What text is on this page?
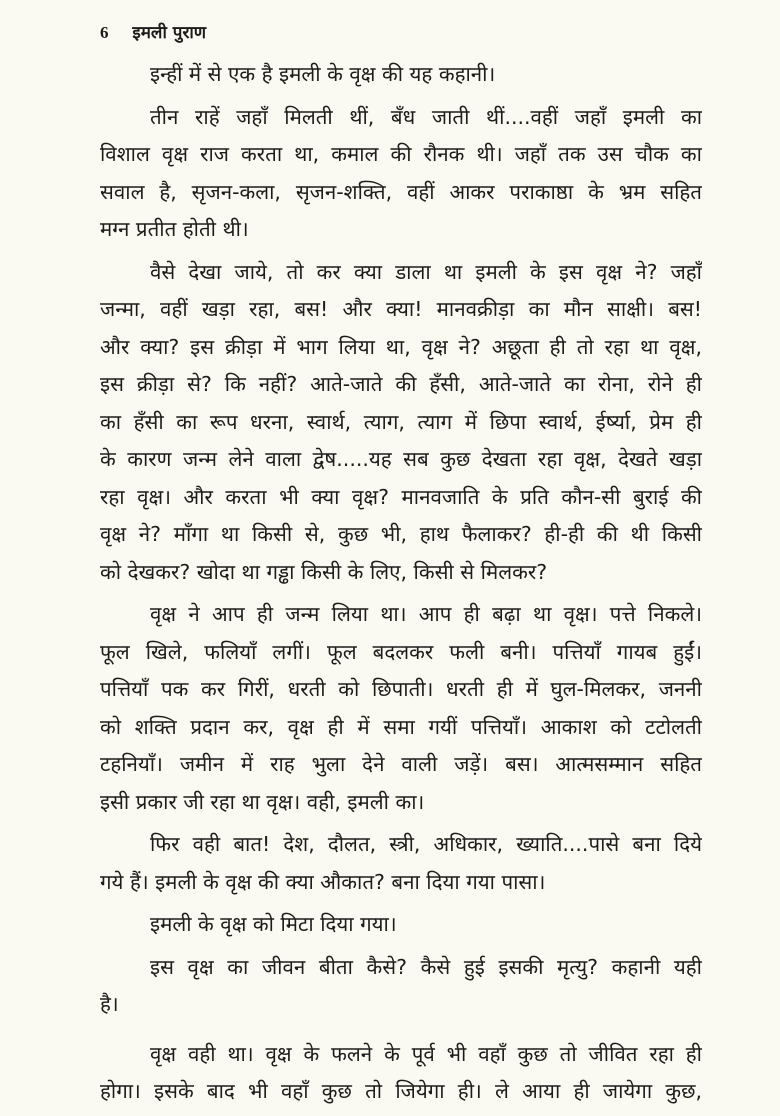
6 इमली पुराण
इन्हीं में से एक है इमली के वृक्ष की यह कहानी।
तीन राहें जहाँ मिलती थीं, बँध जाती थीं....वहीं जहाँ इमली का
विशाल वृक्ष राज करता था, कमाल की रौनक थी। जहाँ तक उस चौक का
सवाल है, सृजन-कला, सृजन-शक्ति, वहीं आकर पराकाष्ठा के भ्रम सहित
मग्न प्रतीत होती थी।
वैसे देखा जाये, तो कर क्या डाला था इमली के इस वृक्ष ने? जहाँ
जन्मा, वहीं खड़ा रहा, बस! और क्या! मानवक्रीड़ा का मौन साक्षी। बस!
और क्या? इस क्रीड़ा में भाग लिया था, वृक्ष ने? अछूता ही तो रहा था वृक्ष,
इस क्रीड़ा से? कि नहीं? आते-जाते की हँसी, आते-जाते का रोना, रोने ही
का हँसी का रूप धरना, स्वार्थ, त्याग, त्याग में छिपा स्वार्थ, ईर्ष्या, प्रेम ही
के कारण जन्म लेने वाला द्वेष.....यह सब कुछ देखता रहा वृक्ष, देखते खड़ा
रहा वृक्ष। और करता भी क्या वृक्ष? मानवजाति के प्रति कौन-सी बुराई की
वृक्ष ने? माँगा था किसी से, कुछ भी, हाथ फैलाकर? ही-ही की थी किसी
को देखकर? खोदा था गड्ढा किसी के लिए, किसी से मिलकर?
वृक्ष ने आप ही जन्म लिया था। आप ही बढ़ा था वृक्ष। पत्ते निकले।
फूल खिले, फलियाँ लगीं। फूल बदलकर फली बनी। पत्तियाँ गायब हुईं।
पत्तियाँ पक कर गिरीं, धरती को छिपाती। धरती ही में घुल-मिलकर, जननी
को शक्ति प्रदान कर, वृक्ष ही में समा गयीं पत्तियाँ। आकाश को टटोलती
टहनियाँ। जमीन में राह भुला देने वाली जड़ें। बस। आत्मसम्मान सहित
इसी प्रकार जी रहा था वृक्ष। वही, इमली का।
फिर वही बात! देश, दौलत, स्त्री, अधिकार, ख्याति....पासे बना दिये
गये हैं। इमली के वृक्ष की क्या औकात? बना दिया गया पासा।
इमली के वृक्ष को मिटा दिया गया।
इस वृक्ष का जीवन बीता कैसे? कैसे हुई इसकी मृत्यु? कहानी यही
है।
वृक्ष वही था। वृक्ष के फलने के पूर्व भी वहाँ कुछ तो जीवित रहा ही
होगा। इसके बाद भी वहाँ कुछ तो जियेगा ही। ले आया ही जायेगा कुछ,
